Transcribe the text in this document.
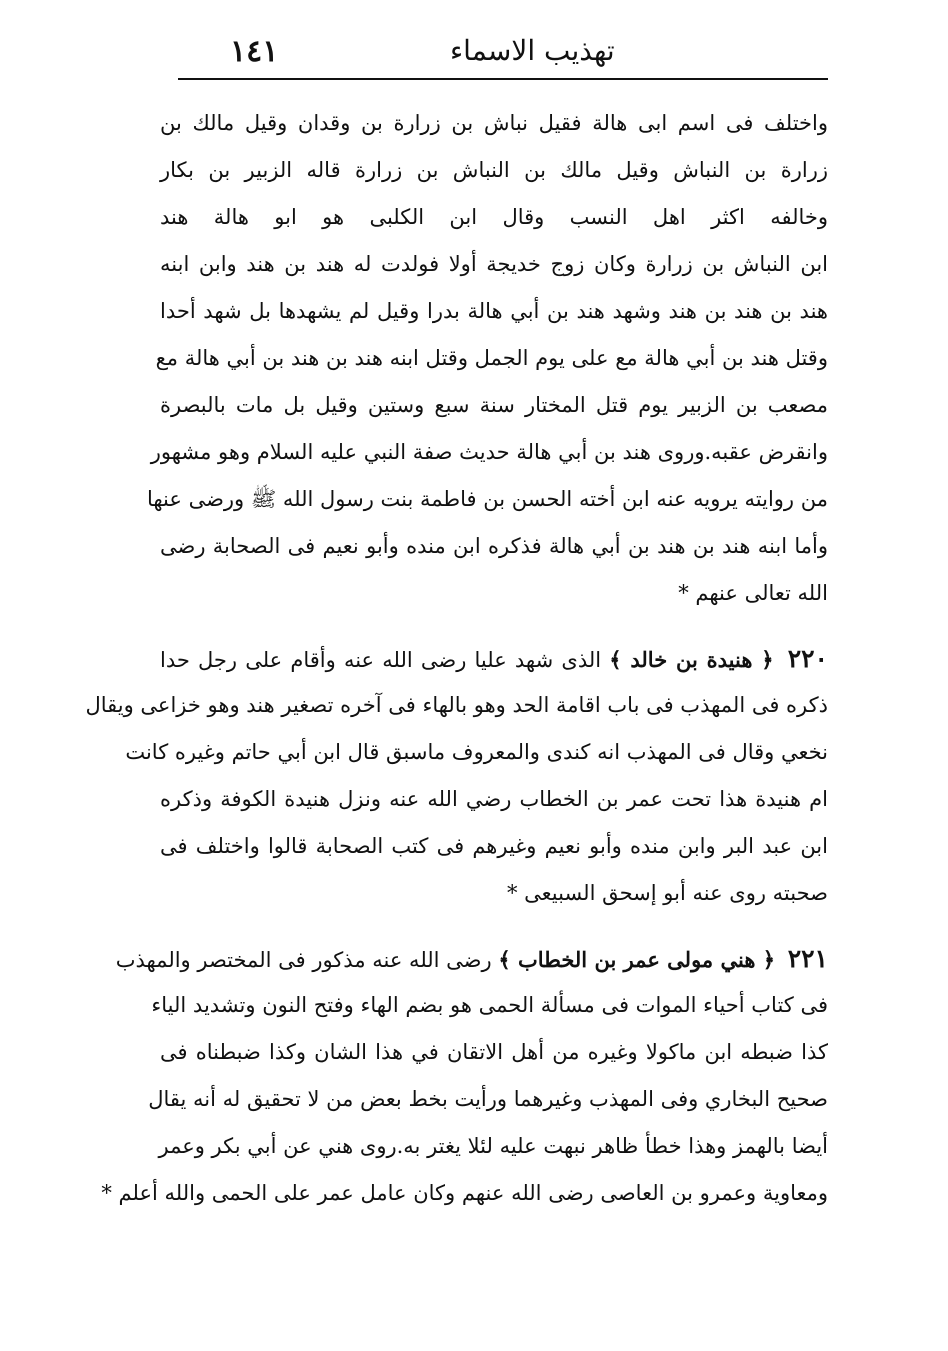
تهذيب الاسماء
١٤١
واختلف فى اسم ابى هالة فقيل نباش بن زرارة بن وقدان وقيل مالك بن
زرارة بن النباش وقيل مالك بن النباش بن زرارة قاله الزبير بن بكار
وخالفه اكثر اهل النسب وقال ابن الكلبى هو ابو هالة هند
ابن النباش بن زرارة وكان زوج خديجة أولا فولدت له هند بن هند وابن ابنه
هند بن هند بن هند وشهد هند بن أبي هالة بدرا وقيل لم يشهدها بل شهد أحدا
وقتل هند بن أبي هالة مع على يوم الجمل وقتل ابنه هند بن هند بن أبي هالة مع
مصعب بن الزبير يوم قتل المختار سنة سبع وستين وقيل بل مات بالبصرة
وانقرض عقبه.وروى هند بن أبي هالة حديث صفة النبي عليه السلام وهو مشهور
من روايته يرويه عنه ابن أخته الحسن بن فاطمة بنت رسول الله ﷺ ورضى عنها
وأما ابنه هند بن هند بن أبي هالة فذكره ابن منده وأبو نعيم فى الصحابة رضى
الله تعالى عنهم *
٢٢٠ ﴿ هنيدة بن خالد ﴾ الذى شهد عليا رضى الله عنه وأقام على رجل حدا
ذكره فى المهذب فى باب اقامة الحد وهو بالهاء فى آخره تصغير هند وهو خزاعى ويقال
نخعي وقال فى المهذب انه كندى والمعروف ماسبق قال ابن أبي حاتم وغيره كانت
ام هنيدة هذا تحت عمر بن الخطاب رضي الله عنه ونزل هنيدة الكوفة وذكره
ابن عبد البر وابن منده وأبو نعيم وغيرهم فى كتب الصحابة قالوا واختلف فى
صحبته روى عنه أبو إسحق السبيعى *
٢٢١ ﴿ هني مولى عمر بن الخطاب ﴾ رضى الله عنه مذكور فى المختصر والمهذب
فى كتاب أحياء الموات فى مسألة الحمى هو بضم الهاء وفتح النون وتشديد الياء
كذا ضبطه ابن ماكولا وغيره من أهل الاتقان في هذا الشان وكذا ضبطناه فى
صحيح البخاري وفى المهذب وغيرهما ورأيت بخط بعض من لا تحقيق له أنه يقال
أيضا بالهمز وهذا خطأ ظاهر نبهت عليه لئلا يغتر به.روى هني عن أبي بكر وعمر
ومعاوية وعمرو بن العاصى رضى الله عنهم وكان عامل عمر على الحمى والله أعلم *
